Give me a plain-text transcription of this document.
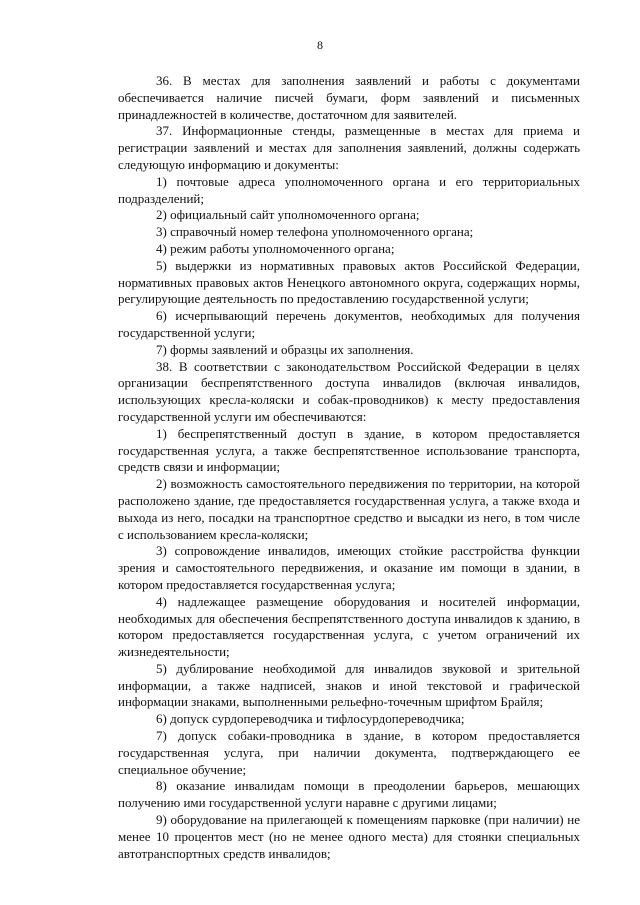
8

36. В местах для заполнения заявлений и работы с документами обеспечивается наличие писчей бумаги, форм заявлений и письменных принадлежностей в количестве, достаточном для заявителей.

37. Информационные стенды, размещенные в местах для приема и регистрации заявлений и местах для заполнения заявлений, должны содержать следующую информацию и документы:

1) почтовые адреса уполномоченного органа и его территориальных подразделений;

2) официальный сайт уполномоченного органа;

3) справочный номер телефона уполномоченного органа;

4) режим работы уполномоченного органа;

5) выдержки из нормативных правовых актов Российской Федерации, нормативных правовых актов Ненецкого автономного округа, содержащих нормы, регулирующие деятельность по предоставлению государственной услуги;

6) исчерпывающий перечень документов, необходимых для получения государственной услуги;

7) формы заявлений и образцы их заполнения.

38. В соответствии с законодательством Российской Федерации в целях организации беспрепятственного доступа инвалидов (включая инвалидов, использующих кресла-коляски и собак-проводников) к месту предоставления государственной услуги им обеспечиваются:

1) беспрепятственный доступ в здание, в котором предоставляется государственная услуга, а также беспрепятственное использование транспорта, средств связи и информации;

2) возможность самостоятельного передвижения по территории, на которой расположено здание, где предоставляется государственная услуга, а также входа и выхода из него, посадки на транспортное средство и высадки из него, в том числе с использованием кресла-коляски;

3) сопровождение инвалидов, имеющих стойкие расстройства функции зрения и самостоятельного передвижения, и оказание им помощи в здании, в котором предоставляется государственная услуга;

4) надлежащее размещение оборудования и носителей информации, необходимых для обеспечения беспрепятственного доступа инвалидов к зданию, в котором предоставляется государственная услуга, с учетом ограничений их жизнедеятельности;

5) дублирование необходимой для инвалидов звуковой и зрительной информации, а также надписей, знаков и иной текстовой и графической информации знаками, выполненными рельефно-точечным шрифтом Брайля;

6) допуск сурдопереводчика и тифлосурдопереводчика;

7) допуск собаки-проводника в здание, в котором предоставляется государственная услуга, при наличии документа, подтверждающего ее специальное обучение;

8) оказание инвалидам помощи в преодолении барьеров, мешающих получению ими государственной услуги наравне с другими лицами;

9) оборудование на прилегающей к помещениям парковке (при наличии) не менее 10 процентов мест (но не менее одного места) для стоянки специальных автотранспортных средств инвалидов;
